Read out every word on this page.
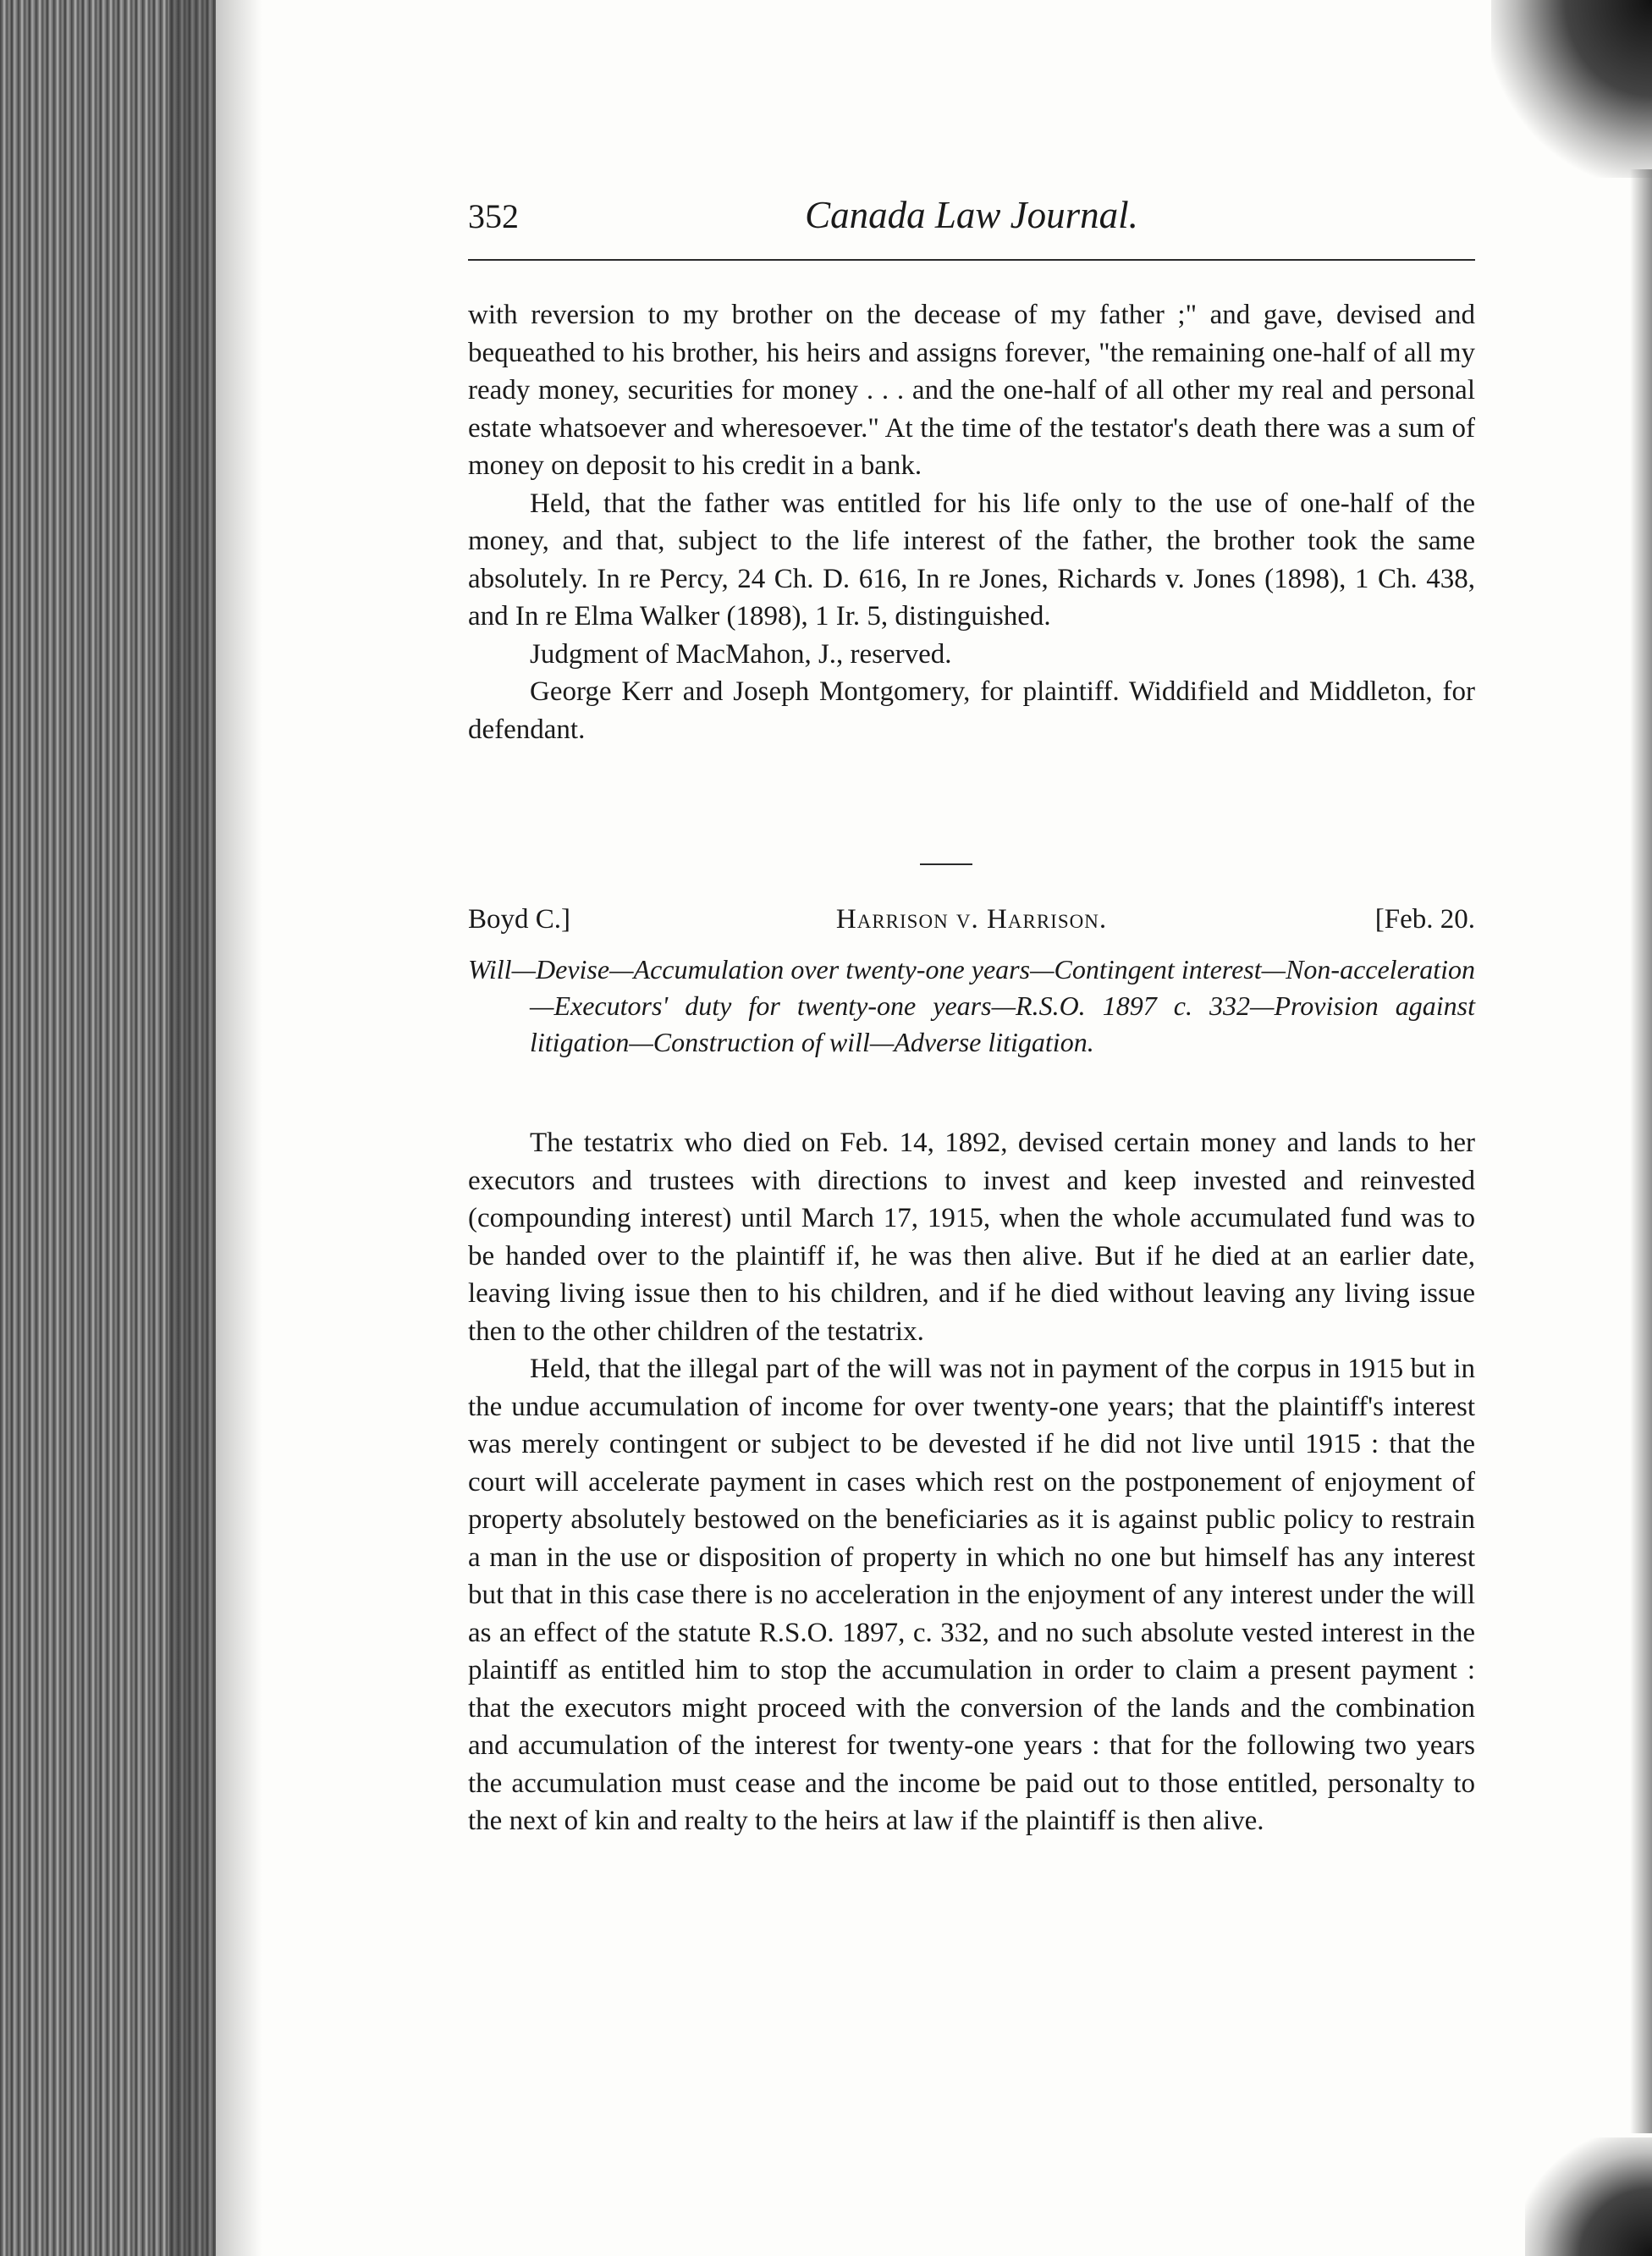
352	Canada Law Journal.

with reversion to my brother on the decease of my father ;" and gave, devised and bequeathed to his brother, his heirs and assigns forever, "the remaining one-half of all my ready money, securities for money . . . and the one-half of all other my real and personal estate whatsoever and wheresoever." At the time of the testator's death there was a sum of money on deposit to his credit in a bank.

Held, that the father was entitled for his life only to the use of one-half of the money, and that, subject to the life interest of the father, the brother took the same absolutely. In re Percy, 24 Ch. D. 616, In re Jones, Richards v. Jones (1898), 1 Ch. 438, and In re Elma Walker (1898), 1 Ir. 5, distinguished.

Judgment of MacMahon, J., reserved.

George Kerr and Joseph Montgomery, for plaintiff. Widdifield and Middleton, for defendant.

Boyd C.]	Harrison v. Harrison.	[Feb. 20.
Will—Devise—Accumulation over twenty-one years—Contingent interest—Non-acceleration—Executors' duty for twenty-one years—R.S.O. 1897 c. 332—Provision against litigation—Construction of will—Adverse litigation.

The testatrix who died on Feb. 14, 1892, devised certain money and lands to her executors and trustees with directions to invest and keep invested and reinvested (compounding interest) until March 17, 1915, when the whole accumulated fund was to be handed over to the plaintiff if, he was then alive. But if he died at an earlier date, leaving living issue then to his children, and if he died without leaving any living issue then to the other children of the testatrix.

Held, that the illegal part of the will was not in payment of the corpus in 1915 but in the undue accumulation of income for over twenty-one years; that the plaintiff's interest was merely contingent or subject to be devested if he did not live until 1915 : that the court will accelerate payment in cases which rest on the postponement of enjoyment of property absolutely bestowed on the beneficiaries as it is against public policy to restrain a man in the use or disposition of property in which no one but himself has any interest but that in this case there is no acceleration in the enjoyment of any interest under the will as an effect of the statute R.S.O. 1897, c. 332, and no such absolute vested interest in the plaintiff as entitled him to stop the accumulation in order to claim a present payment : that the executors might proceed with the conversion of the lands and the combination and accumulation of the interest for twenty-one years : that for the following two years the accumulation must cease and the income be paid out to those entitled, personalty to the next of kin and realty to the heirs at law if the plaintiff is then alive.
